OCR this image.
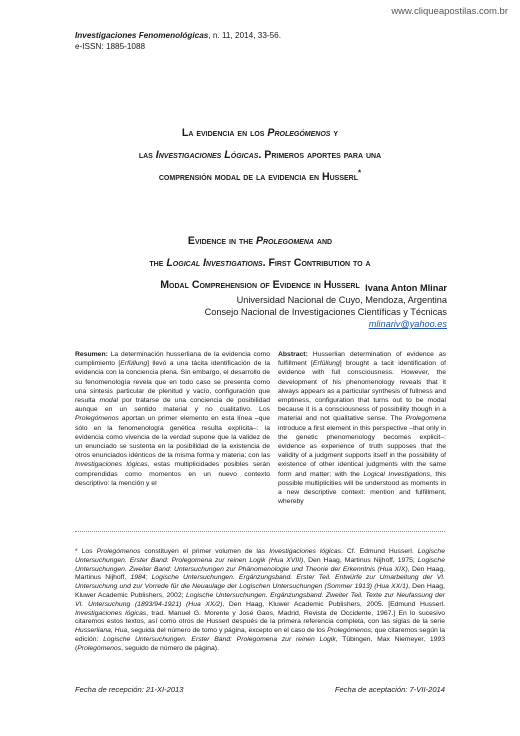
www.cliqueapostilas.com.br
Investigaciones Fenomenológicas, n. 11, 2014, 33-56.
e-ISSN: 1885-1088
La evidencia en los Prolegómenos y
las Investigaciones Lógicas. Primeros aportes para una
comprensión modal de la evidencia en Husserl*
Evidence in the Prolegomena and
the Logical Investigations. First Contribution to a
Modal Comprehension of Evidence in Husserl Ivana Anton Mlinar
Universidad Nacional de Cuyo, Mendoza, Argentina
Consejo Nacional de Investigaciones Científicas y Técnicas
mlinariv@yahoo.es
Resumen: La determinación husserliana de la evidencia como cumplimiento [Erfüllung] llevó a una tácita identificación de la evidencia con la conciencia plena. Sin embargo, el desarrollo de su fenomenología revela que en todo caso se presenta como una síntesis particular de plenitud y vacío, configuración que resulta modal por tratarse de una conciencia de posibilidad aunque en un sentido material y no cualitativo. Los Prolegómenos aportan un primer elemento en esta línea –que sólo en la fenomenología genética resulta explícita–: la evidencia como vivencia de la verdad supone que la validez de un enunciado se sustenta en la posibilidad de la existencia de otros enunciados idénticos de la misma forma y materia; con las Investigaciones lógicas, estas multiplicidades posibles serán comprendidas como momentos en un nuevo contexto descriptivo: la mención y el
Abstract: Husserlian determination of evidence as fulfillment [Erfüllung] brought a tacit identification of evidence with full consciousness. However, the development of his phenomenology reveals that it always appears as a particular synthesis of fullness and emptiness, configuration that turns out to be modal because it is a consciousness of possibility though in a material and not qualitative sense. The Prolegomena introduce a first element in this perspective –that only in the genetic phenomenology becomes explicit–: evidence as experience of truth supposes that the validity of a judgment supports itself in the possibility of existence of other identical judgments with the same form and matter; with the Logical Investigations, this possible multiplicities will be understood as moments in a new descriptive context: mention and fulfillment, whereby
* Los Prolegómenos constituyen el primer volumen de las Investigaciones lógicas. Cf. Edmund Husserl. Logische Untersuchungen. Erster Band: Prolegomena zur reinen Logik (Hua XVIII), Den Haag, Martinus Nijhoff, 1975; Logische Untersuchungen. Zweiter Band: Untersuchungen zur Phänomenologie und Theorie der Erkenntnis (Hua XIX), Den Haag, Martinus Nijhoff, 1984; Logische Untersuchungen. Ergänzungsband. Erster Teil. Entwürfe zur Umarbeitung der VI. Untersuchung und zur Vorrede für die Neuaulage der Logischen Untersuchungen (Sommer 1913) (Hua XX/1), Den Haag, Kluwer Academic Publishers, 2002; Logische Untersuchungen. Ergänzungsband. Zweiter Teil. Texte zur Neufassung der VI. Untersuchung (1893/94-1921) (Hua XX/2), Den Haag, Kluwer Academic Publishers, 2005. [Edmund Husserl. Investigaciones lógicas, trad. Manuel G. Morente y José Gaos, Madrid, Revista de Occidente, 1967.] En lo sucesivo citaremos estos textos, así como otros de Husserl después de la primera referencia completa, con las siglas de la serie Husserliana, Hua, seguida del número de tomo y página, excepto en el caso de los Prolegómenos, que citaremos según la edición: Logische Untersuchungen. Erster Band: Prolegomena zur reinen Logik, Tübingen, Max Niemeyer, 1993 (Prolegómenos, seguido de número de página).
Fecha de recepción: 21-XI-2013	Fecha de aceptación: 7-VII-2014
